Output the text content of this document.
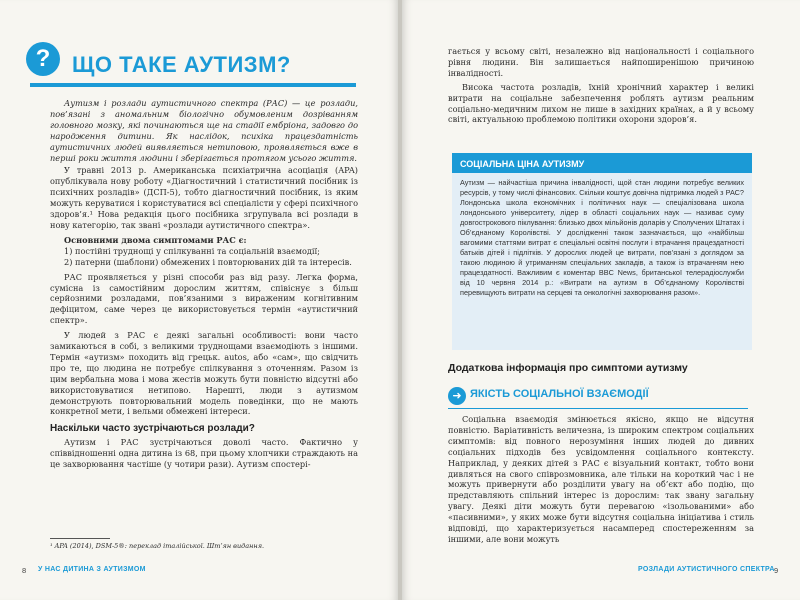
? ЩО ТАКЕ АУТИЗМ?

Аутизм і розлади аутистичного спектра (РАС) — це розлади, пов’язані з аномальним біологічно обумовленим дозріванням головного мозку, які починаються ще на стадії ембріона, задовго до народження дитини. Як наслідок, психіка працездатність аутистичних людей виявляється нетиповою, проявляється вже в перші роки життя людини і зберігається протягом усього життя.

У травні 2013 р. Американська психіатрична асоціація (APA) опублікувала нову роботу «Діагностичний і статистичний посібник із психічних розладів» (ДСП-5), тобто діагностичний посібник, із яким можуть керуватися і користуватися всі спеціалісти у сфері психічного здоров’я.¹ Нова редакція цього посібника згрупувала всі розлади в нову категорію, так звані «розлади аутистичного спектра».

Основними двома симптомами РАС є:

1) постійні труднощі у спілкуванні та соціальній взаємодії;

2) патерни (шаблони) обмежених і повторюваних дій та інтересів.

РАС проявляється у різні способи раз від разу. Легка форма, сумісна із самостійним дорослим життям, співіснує з більш серйозними розладами, пов’язаними з вираженим когнітивним дефіцитом, саме через це використовується термін «аутистичний спектр».

У людей з РАС є деякі загальні особливості: вони часто замикаються в собі, з великими труднощами взаємодіють з іншими. Термін «аутизм» походить від грецьк. autos, або «сам», що свідчить про те, що людина не потребує спілкування з оточенням. Разом із цим вербальна мова і мова жестів можуть бути повністю відсутні або використовуватися нетипово. Нарешті, люди з аутизмом демонструють повторювальний модель поведінки, що не мають конкретної мети, і вельми обмежені інтереси.

Наскільки часто зустрічаються розлади?

Аутизм і РАС зустрічаються доволі часто. Фактично у співвідношенні одна дитина із 68, при цьому хлопчики страждають на це захворювання частіше (у чотири рази). Аутизм спостері-

¹ APA (2014), DSM-5®: переклад італійської. Шт’ян видання.
8 У НАС ДИТИНА З АУТИЗМОМ

гається у всьому світі, незалежно від національності і соціального рівня людини. Він залишається найпоширенішою причиною інвалідності.

Висока частота розладів, їхній хронічний характер і великі витрати на соціальне забезпечення роблять аутизм реальним соціально-медичним лихом не лише в західних країнах, а й у всьому світі, актуальною проблемою політики охорони здоров’я.

СОЦІАЛЬНА ЦІНА АУТИЗМУ
Аутизм — найчастіша причина інвалідності, щой стан людини потребує великих ресурсів, у тому числі фінансових. Скільки коштує довічна підтримка людей з РАС? Лондонська школа економічних і політичних наук — спеціалізована школа лондонського університету, лідер в області соціальних наук — називає суму довгострокового піклування: близько двох мільйонів доларів у Сполучених Штатах і Об’єднаному Королівстві. У дослідженні також зазначається, що «найбільш вагомими статтями витрат є спеціальні освітні послуги і втрачання працездатності батьків дітей і підлітків. У дорослих людей це витрати, пов’язані з доглядом за такою людиною й утриманням спеціальних закладів, а також із втрачанням нею працездатності. Важливим є коментар BBC News, британської телерадіослужби від 10 червня 2014 р.: «Витрати на аутизм в Об’єднаному Королівстві перевищують витрати на серцеві та онкологічні захворювання разом».
Додаткова інформація про симптоми аутизму
➜ ЯКІСТЬ СОЦІАЛЬНОЇ ВЗАЄМОДІЇ

Соціальна взаємодія змінюється якісно, якщо не відсутня повністю. Варіативність величезна, із широким спектром соціальних симптомів: від повного нерозуміння інших людей до дивних соціальних підходів без усвідомлення соціального контексту. Наприклад, у деяких дітей з РАС є візуальний контакт, тобто вони дивляться на свого співрозмовника, але тільки на короткий час і не можуть привернути або розділити увагу на об’єкт або подію, що представляють спільний інтерес із дорослим: так звану загальну увагу. Деякі діти можуть бути перевагою «ізольованими» або «пасивними», у яких може бути відсутня соціальна ініціатива і стиль відповіді, що характеризується насамперед спостереженням за іншими, але вони можуть

РОЗЛАДИ АУТИСТИЧНОГО СПЕКТРА 9
